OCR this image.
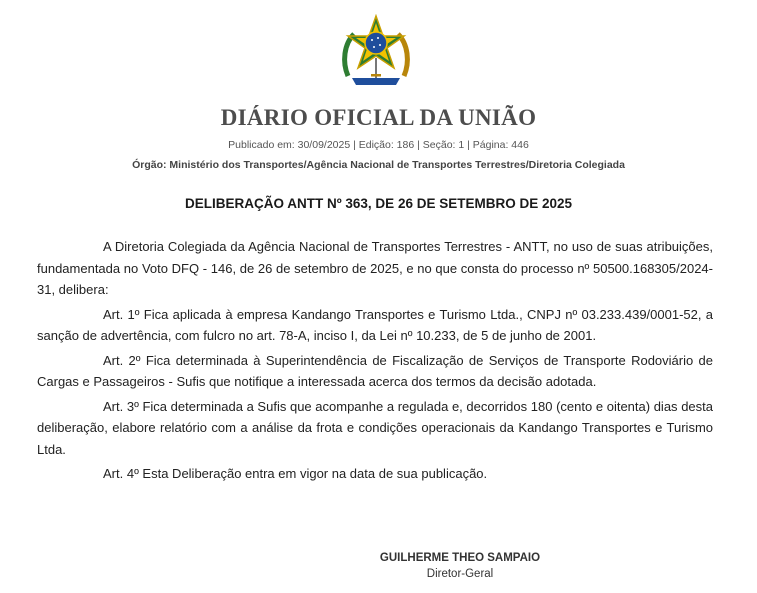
DIÁRIO OFICIAL DA UNIÃO
Publicado em: 30/09/2025 | Edição: 186 | Seção: 1 | Página: 446
Órgão: Ministério dos Transportes/Agência Nacional de Transportes Terrestres/Diretoria Colegiada
DELIBERAÇÃO ANTT Nº 363, DE 26 DE SETEMBRO DE 2025

A Diretoria Colegiada da Agência Nacional de Transportes Terrestres - ANTT, no uso de suas atribuições, fundamentada no Voto DFQ - 146, de 26 de setembro de 2025, e no que consta do processo nº 50500.168305/2024-31, delibera:

Art. 1º Fica aplicada à empresa Kandango Transportes e Turismo Ltda., CNPJ nº 03.233.439/0001-52, a sanção de advertência, com fulcro no art. 78-A, inciso I, da Lei nº 10.233, de 5 de junho de 2001.

Art. 2º Fica determinada à Superintendência de Fiscalização de Serviços de Transporte Rodoviário de Cargas e Passageiros - Sufis que notifique a interessada acerca dos termos da decisão adotada.

Art. 3º Fica determinada a Sufis que acompanhe a regulada e, decorridos 180 (cento e oitenta) dias desta deliberação, elabore relatório com a análise da frota e condições operacionais da Kandango Transportes e Turismo Ltda.

Art. 4º Esta Deliberação entra em vigor na data de sua publicação.

GUILHERME THEO SAMPAIO
Diretor-Geral
